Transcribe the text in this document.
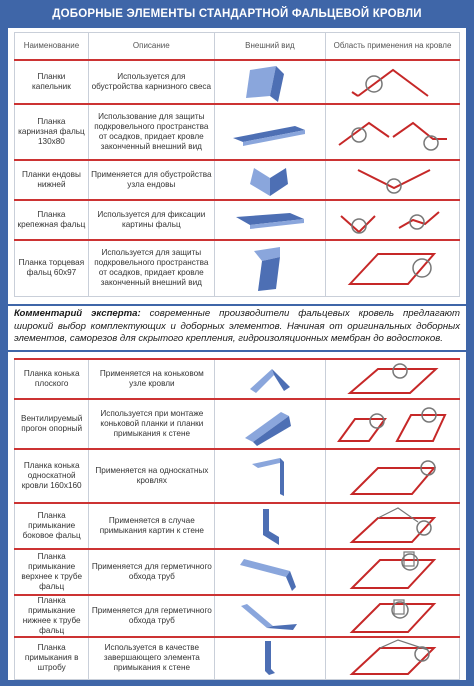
ДОБОРНЫЕ ЭЛЕМЕНТЫ СТАНДАРТНОЙ ФАЛЬЦЕВОЙ КРОВЛИ
Наименование	Описание	Внешний вид	Область применения на кровле
Планки капельник	Используется для обустройства карнизного свеса	

Планка карнизная фальц 130х80	Использование для защиты подкровельного пространства от осадков, придает кровле законченный внешний вид	

Планки ендовы нижней	Применяется для обустройства узла ендовы	

Планка крепежная фальц	Используется для фиксации картины фальц	

Планка торцевая фальц 60х97	Используется для защиты подкровельного пространства от осадков, придает кровле законченный внешний вид	

Комментарий эксперта: современные производители фальцевых кровель предлагают широкий выбор комплектующих и доборных элементов. Начиная от оригинальных доборных элементов, саморезов для скрытого крепления, гидроизоляционных мембран до водостоков.
Планка конька плоского	Применяется на коньковом узле кровли	

Вентилируемый прогон опорный	Используется при монтаже коньковой планки и планки примыкания к стене	

Планка конька односкатной кровли 160х160	Применяется на односкатных кровлях	

Планка примыкание боковое фальц	Применяется в случае примыкания картин к стене	

Планка примыкание верхнее к трубе фальц	Применяется для герметичного обхода труб	

Планка примыкание нижнее к трубе фальц	Применяется для герметичного обхода труб	

Планка примыкания в штробу	Используется в качестве завершающего элемента примыкания к стене	
